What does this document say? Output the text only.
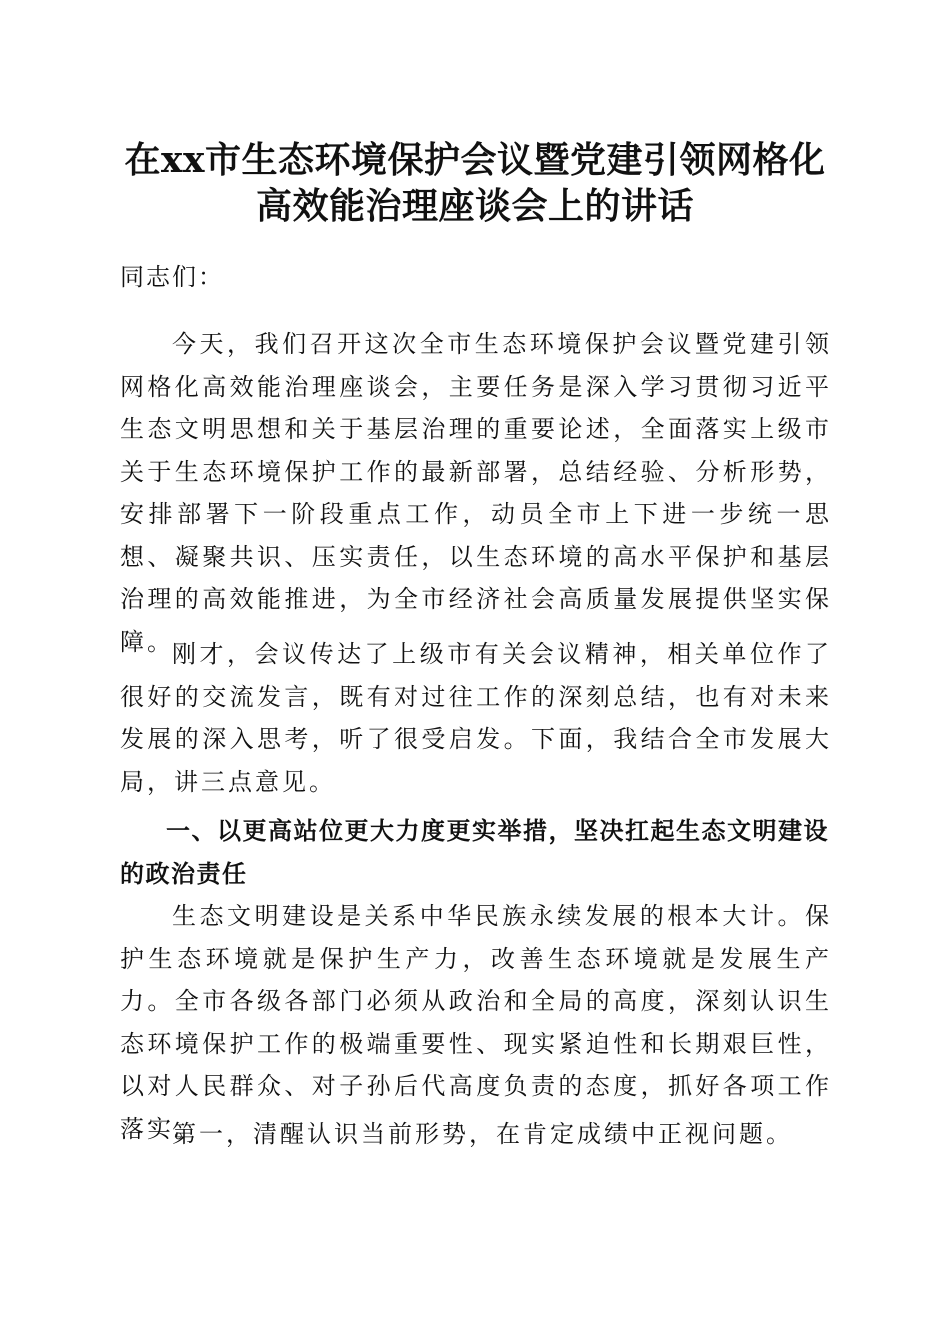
在xx市生态环境保护会议暨党建引领网格化
高效能治理座谈会上的讲话
同志们：

今天，我们召开这次全市生态环境保护会议暨党建引领网格化高效能治理座谈会，主要任务是深入学习贯彻习近平生态文明思想和关于基层治理的重要论述，全面落实上级市关于生态环境保护工作的最新部署，总结经验、分析形势，安排部署下一阶段重点工作，动员全市上下进一步统一思想、凝聚共识、压实责任，以生态环境的高水平保护和基层治理的高效能推进，为全市经济社会高质量发展提供坚实保障。

刚才，会议传达了上级市有关会议精神，相关单位作了很好的交流发言，既有对过往工作的深刻总结，也有对未来发展的深入思考，听了很受启发。下面，我结合全市发展大局，讲三点意见。

一、以更高站位更大力度更实举措，坚决扛起生态文明建设的政治责任

生态文明建设是关系中华民族永续发展的根本大计。保护生态环境就是保护生产力，改善生态环境就是发展生产力。全市各级各部门必须从政治和全局的高度，深刻认识生态环境保护工作的极端重要性、现实紧迫性和长期艰巨性，以对人民群众、对子孙后代高度负责的态度，抓好各项工作落实。

第一，清醒认识当前形势，在肯定成绩中正视问题。
